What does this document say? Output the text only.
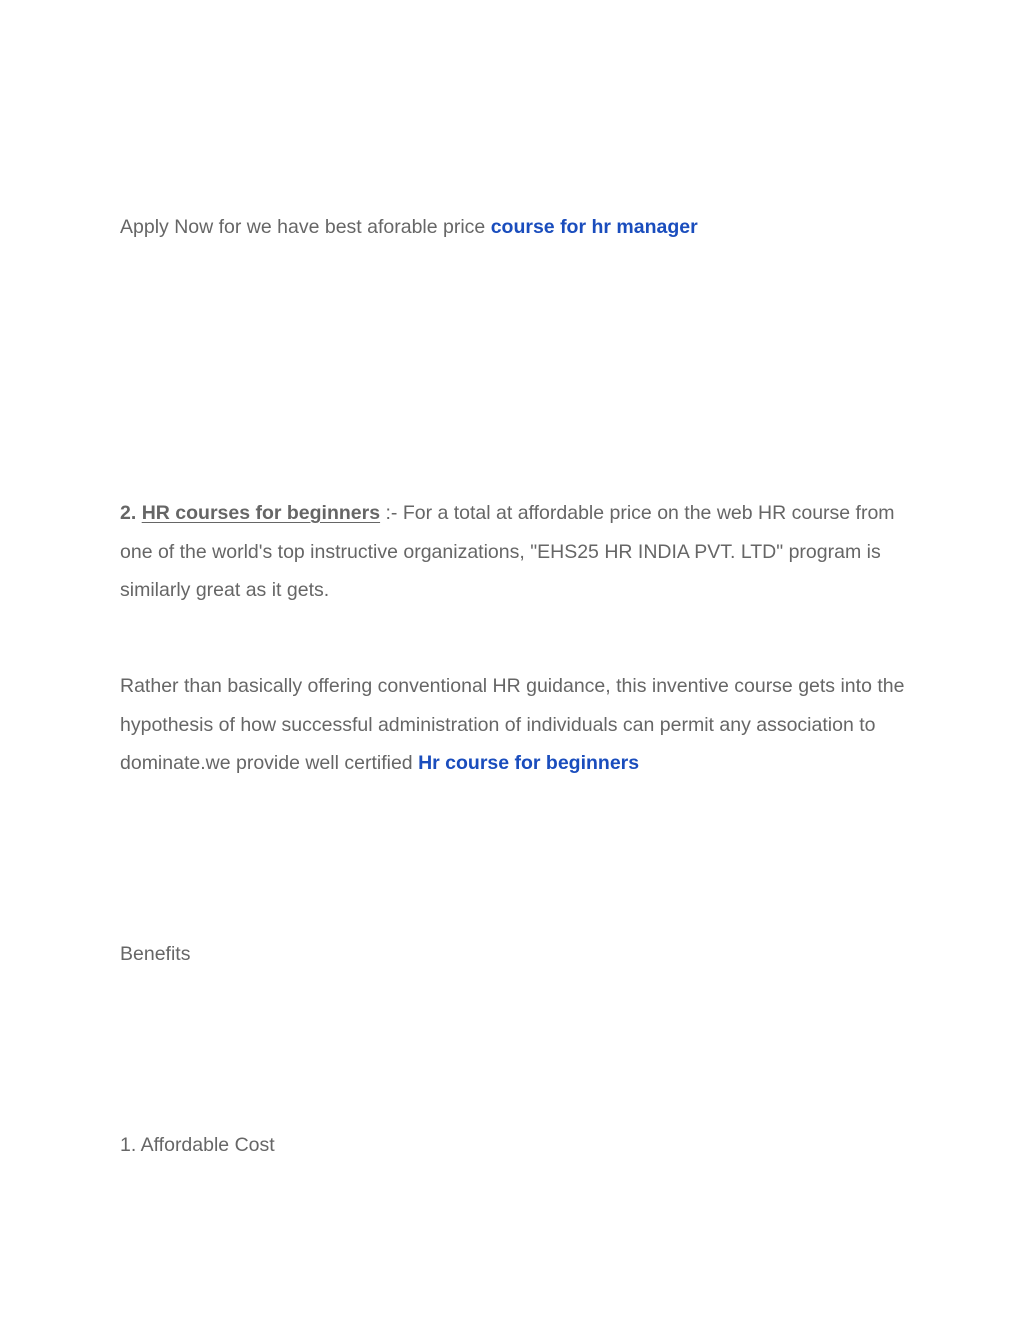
Apply Now for we have best aforable price course for hr manager

2. HR courses for beginners :- For a total at affordable price on the web HR course from one of the world's top instructive organizations, "EHS25 HR INDIA PVT. LTD" program is similarly great as it gets.

Rather than basically offering conventional HR guidance, this inventive course gets into the hypothesis of how successful administration of individuals can permit any association to dominate.we provide well certified Hr course for beginners

Benefits

1. Affordable Cost
